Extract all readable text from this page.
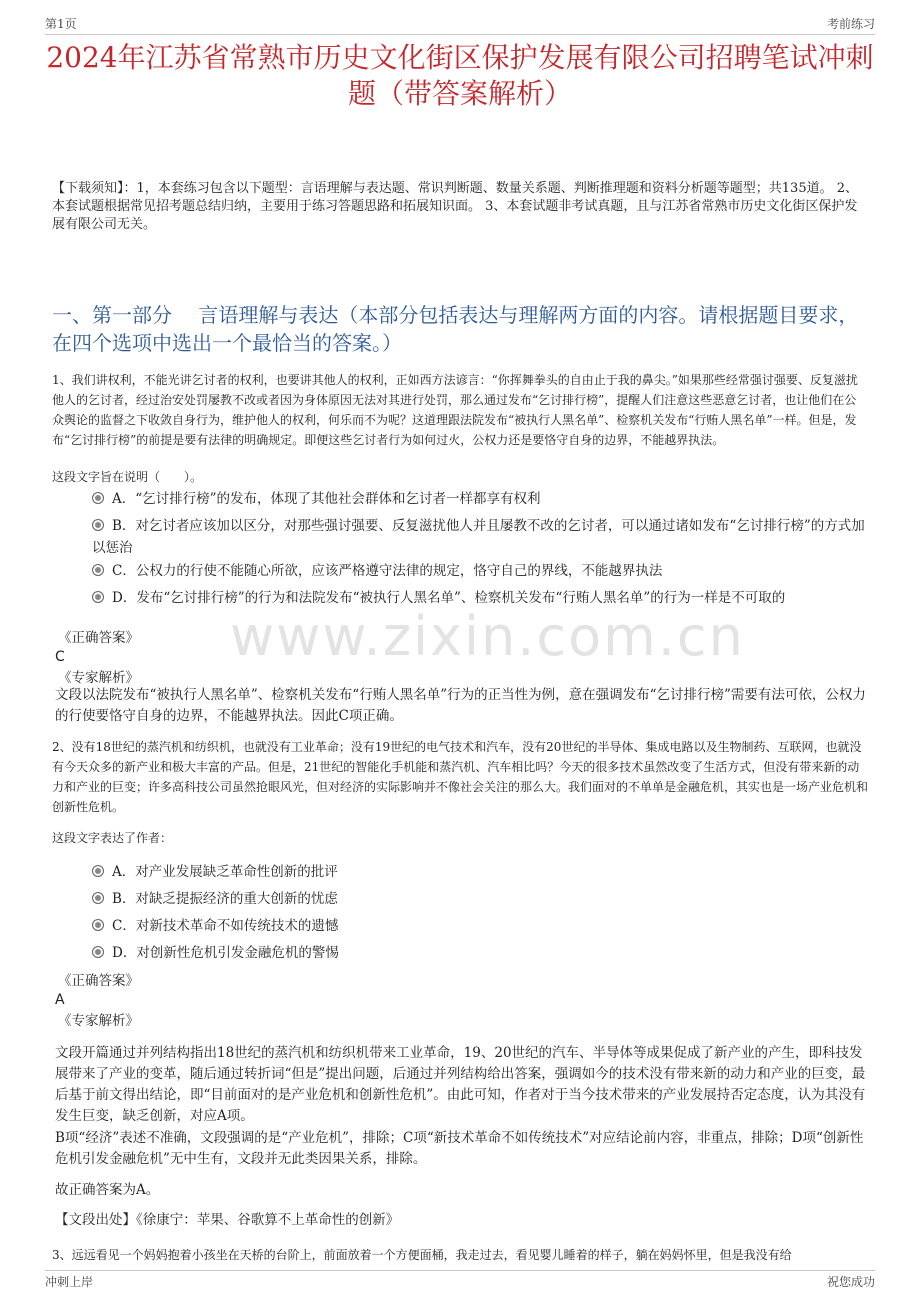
第1页	考前练习
2024年江苏省常熟市历史文化街区保护发展有限公司招聘笔试冲刺题（带答案解析）
【下载须知】：1，本套练习包含以下题型：言语理解与表达题、常识判断题、数量关系题、判断推理题和资料分析题等题型；共135道。 2、本套试题根据常见招考题总结归纳，主要用于练习答题思路和拓展知识面。 3、本套试题非考试真题，且与江苏省常熟市历史文化街区保护发展有限公司无关。
一、第一部分　 言语理解与表达（本部分包括表达与理解两方面的内容。请根据题目要求，在四个选项中选出一个最恰当的答案。）
www.zixin.com.cn
1、我们讲权利，不能光讲乞讨者的权利，也要讲其他人的权利，正如西方法谚言：“你挥舞拳头的自由止于我的鼻尖。”如果那些经常强讨强要、反复滋扰他人的乞讨者，经过治安处罚屡教不改或者因为身体原因无法对其进行处罚，那么通过发布“乞讨排行榜”，提醒人们注意这些恶意乞讨者，也让他们在公众舆论的监督之下收敛自身行为，维护他人的权利，何乐而不为呢？这道理跟法院发布“被执行人黑名单”、检察机关发布“行贿人黑名单”一样。但是，发布“乞讨排行榜”的前提是要有法律的明确规定。即便这些乞讨者行为如何过火，公权力还是要恪守自身的边界，不能越界执法。
这段文字旨在说明（　　）。
A．“乞讨排行榜”的发布，体现了其他社会群体和乞讨者一样都享有权利
B．对乞讨者应该加以区分，对那些强讨强要、反复滋扰他人并且屡教不改的乞讨者，可以通过诸如发布“乞讨排行榜”的方式加以惩治
C．公权力的行使不能随心所欲，应该严格遵守法律的规定，恪守自己的界线，不能越界执法
D．发布“乞讨排行榜”的行为和法院发布“被执行人黑名单”、检察机关发布“行贿人黑名单”的行为一样是不可取的
《正确答案》
C
《专家解析》
文段以法院发布“被执行人黑名单”、检察机关发布“行贿人黑名单”行为的正当性为例，意在强调发布“乞讨排行榜”需要有法可依，公权力的行使要恪守自身的边界，不能越界执法。因此C项正确。
2、没有18世纪的蒸汽机和纺织机，也就没有工业革命；没有19世纪的电气技术和汽车，没有20世纪的半导体、集成电路以及生物制药、互联网，也就没有今天众多的新产业和极大丰富的产品。但是，21世纪的智能化手机能和蒸汽机、汽车相比吗？今天的很多技术虽然改变了生活方式，但没有带来新的动力和产业的巨变；许多高科技公司虽然抢眼风光，但对经济的实际影响并不像社会关注的那么大。我们面对的不单单是金融危机，其实也是一场产业危机和创新性危机。
这段文字表达了作者：
A．对产业发展缺乏革命性创新的批评
B．对缺乏提振经济的重大创新的忧虑
C．对新技术革命不如传统技术的遗憾
D．对创新性危机引发金融危机的警惕
《正确答案》
A
《专家解析》
文段开篇通过并列结构指出18世纪的蒸汽机和纺织机带来工业革命，19、20世纪的汽车、半导体等成果促成了新产业的产生，即科技发展带来了产业的变革，随后通过转折词“但是”提出问题，后通过并列结构给出答案，强调如今的技术没有带来新的动力和产业的巨变，最后基于前文得出结论，即“目前面对的是产业危机和创新性危机”。由此可知，作者对于当今技术带来的产业发展持否定态度，认为其没有发生巨变，缺乏创新，对应A项。
B项“经济”表述不准确，文段强调的是“产业危机”，排除；C项“新技术革命不如传统技术”对应结论前内容，非重点，排除；D项“创新性危机引发金融危机”无中生有，文段并无此类因果关系，排除。
故正确答案为A。
【文段出处】《徐康宁：苹果、谷歌算不上革命性的创新》
3、远远看见一个妈妈抱着小孩坐在天桥的台阶上，前面放着一个方便面桶，我走过去，看见婴儿睡着的样子，躺在妈妈怀里，但是我没有给
冲刺上岸	祝您成功
